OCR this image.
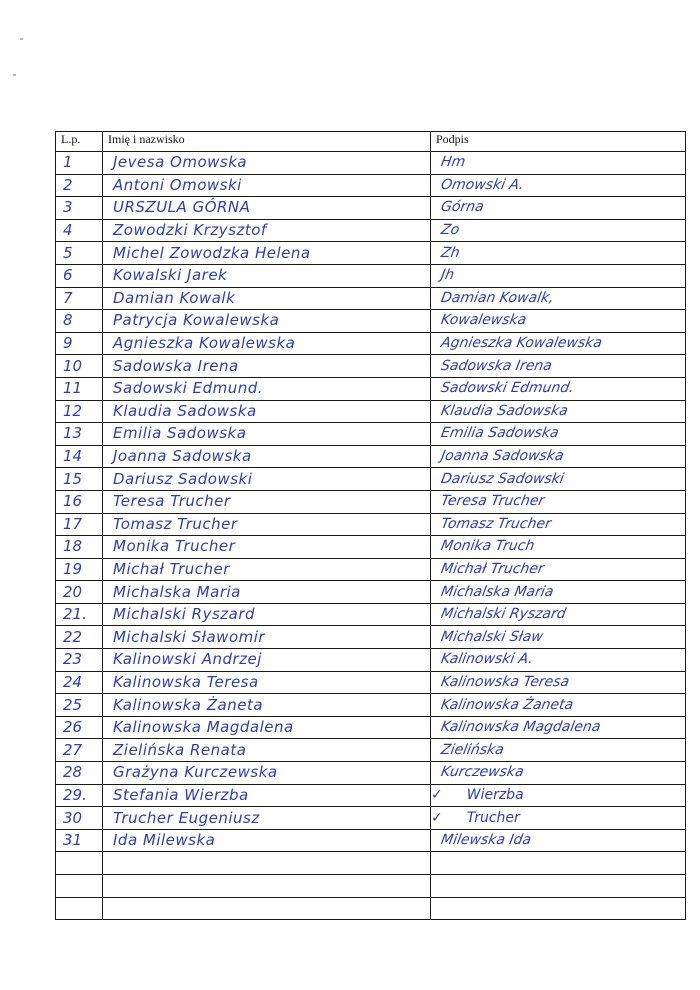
L.p.	Imię i nazwisko	Podpis

1	Jevesa Omowska	Hm

2	Antoni Omowski	Omowski A.

3	URSZULA GÓRNA	Górna

4	Zowodzki Krzysztof	Zo

5	Michel Zowodzka Helena	Zh

6	Kowalski Jarek	Jh

7	Damian Kowalk	Damian Kowalk,

8	Patrycja Kowalewska	Kowalewska

9	Agnieszka Kowalewska	Agnieszka Kowalewska

10	Sadowska Irena	Sadowska Irena

11	Sadowski Edmund.	Sadowski Edmund.

12	Klaudia Sadowska	Klaudia Sadowska

13	Emilia Sadowska	Emilia Sadowska

14	Joanna Sadowska	Joanna Sadowska

15	Dariusz Sadowski	Dariusz Sadowski

16	Teresa Trucher	Teresa Trucher

17	Tomasz Trucher	Tomasz Trucher

18	Monika Trucher	Monika Truch

19	Michał Trucher	Michał Trucher

20	Michalska Maria	Michalska Maria

21.	Michalski Ryszard	Michalski Ryszard

22	Michalski Sławomir	Michalski Sław

23	Kalinowski Andrzej	Kalinowski A.

24	Kalinowska Teresa	Kalinowska Teresa

25	Kalinowska Żaneta	Kalinowska Żaneta

26	Kalinowska Magdalena	Kalinowska Magdalena

27	Zielińska Renata	Zielińska

28	Grażyna Kurczewska	Kurczewska

29.	Stefania Wierzba	✓ Wierzba

30	Trucher Eugeniusz	✓ Trucher

31	Ida Milewska	Milewska Ida
